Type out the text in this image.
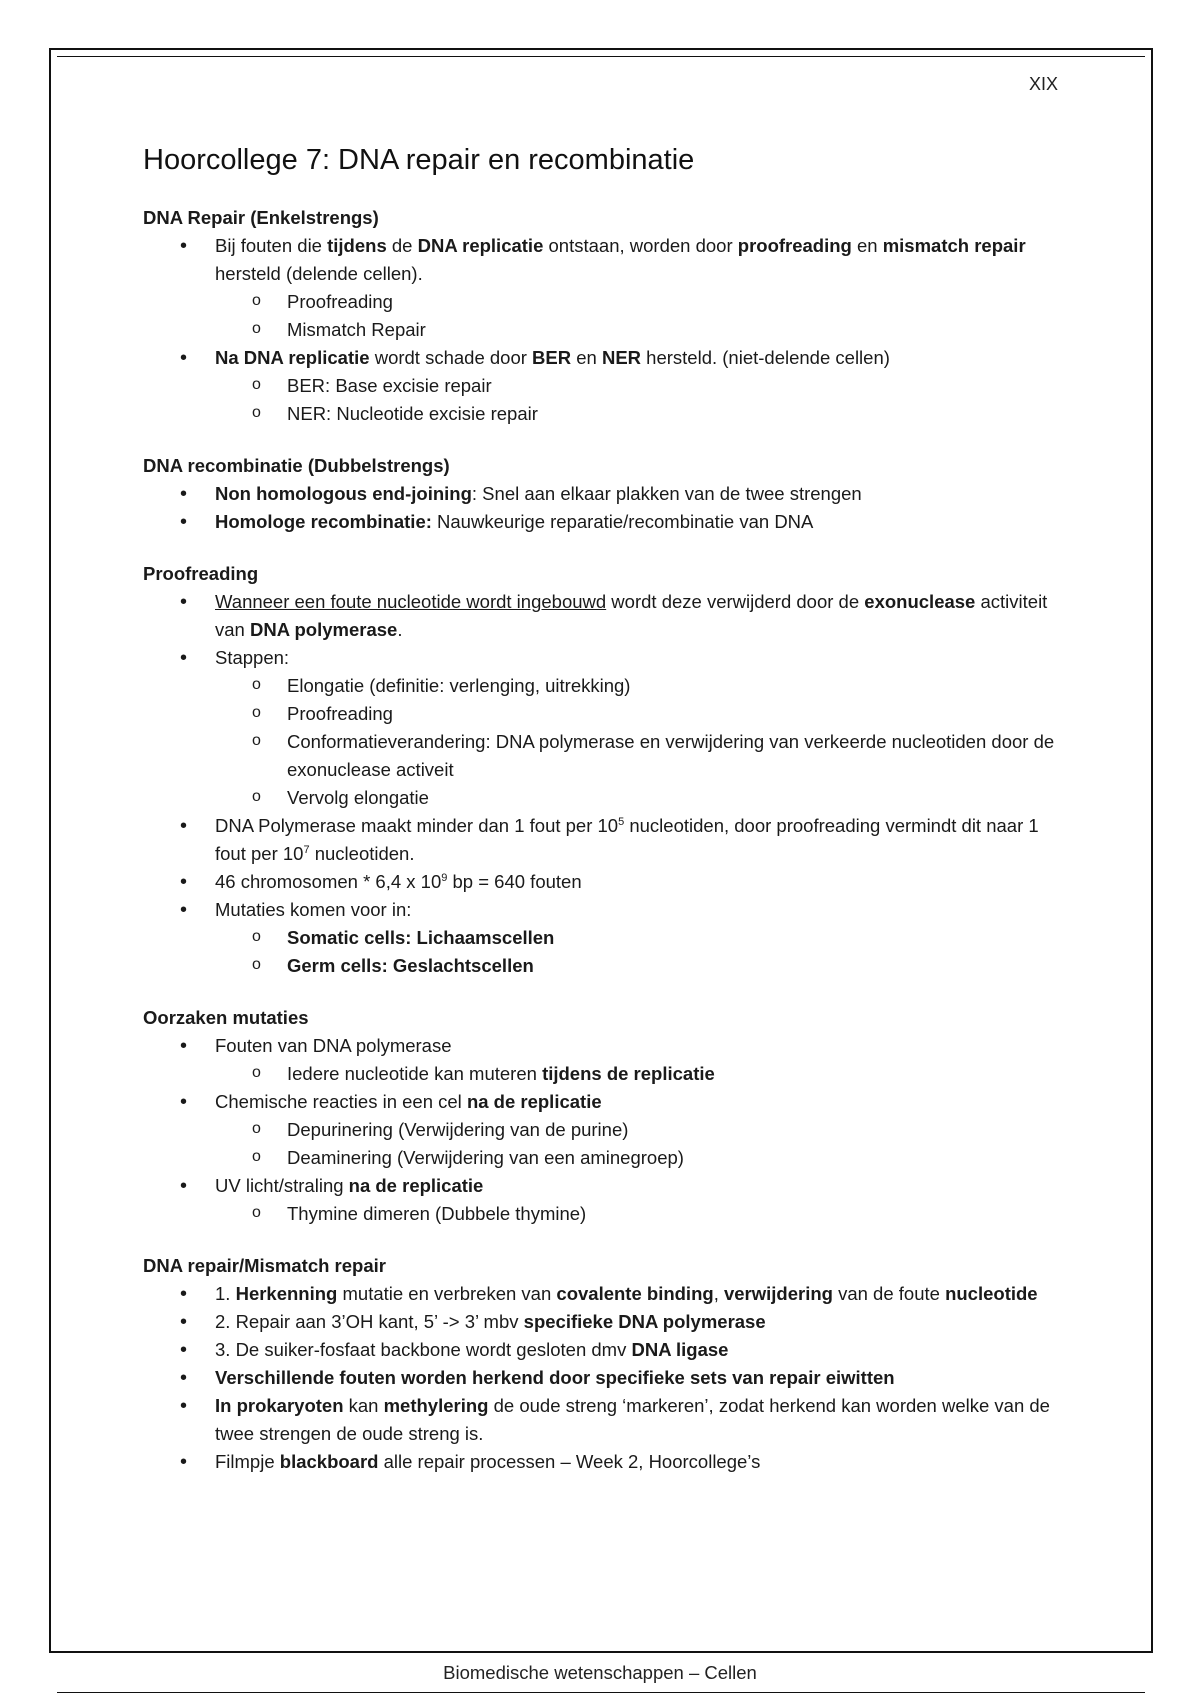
XIX
Hoorcollege 7: DNA repair en recombinatie

DNA Repair (Enkelstrengs)

• Bij fouten die tijdens de DNA replicatie ontstaan, worden door proofreading en mismatch repair hersteld (delende cellen).
o Proofreading
o Mismatch Repair
• Na DNA replicatie wordt schade door BER en NER hersteld. (niet-delende cellen)
o BER: Base excisie repair
o NER: Nucleotide excisie repair

DNA recombinatie (Dubbelstrengs)

• Non homologous end-joining: Snel aan elkaar plakken van de twee strengen
• Homologe recombinatie: Nauwkeurige reparatie/recombinatie van DNA

Proofreading

• Wanneer een foute nucleotide wordt ingebouwd wordt deze verwijderd door de exonuclease activiteit van DNA polymerase.
• Stappen:
o Elongatie (definitie: verlenging, uitrekking)
o Proofreading
o Conformatieverandering: DNA polymerase en verwijdering van verkeerde nucleotiden door de exonuclease activeit
o Vervolg elongatie
• DNA Polymerase maakt minder dan 1 fout per $10^5$ nucleotiden, door proofreading vermindt dit naar 1 fout per $10^7$ nucleotiden.
• 46 chromosomen * 6,4 x $10^9$ bp = 640 fouten
• Mutaties komen voor in:
o Somatic cells: Lichaamscellen
o Germ cells: Geslachtscellen

Oorzaken mutaties

• Fouten van DNA polymerase
o Iedere nucleotide kan muteren tijdens de replicatie
• Chemische reacties in een cel na de replicatie
o Depurinering (Verwijdering van de purine)
o Deaminering (Verwijdering van een aminegroep)
• UV licht/straling na de replicatie
o Thymine dimeren (Dubbele thymine)

DNA repair/Mismatch repair

• 1. Herkenning mutatie en verbreken van covalente binding, verwijdering van de foute nucleotide
• 2. Repair aan 3’OH kant, 5’ -> 3’ mbv specifieke DNA polymerase
• 3. De suiker-fosfaat backbone wordt gesloten dmv DNA ligase
• Verschillende fouten worden herkend door specifieke sets van repair eiwitten
• In prokaryoten kan methylering de oude streng ‘markeren’, zodat herkend kan worden welke van de twee strengen de oude streng is.
• Filmpje blackboard alle repair processen – Week 2, Hoorcollege’s
Biomedische wetenschappen – Cellen
